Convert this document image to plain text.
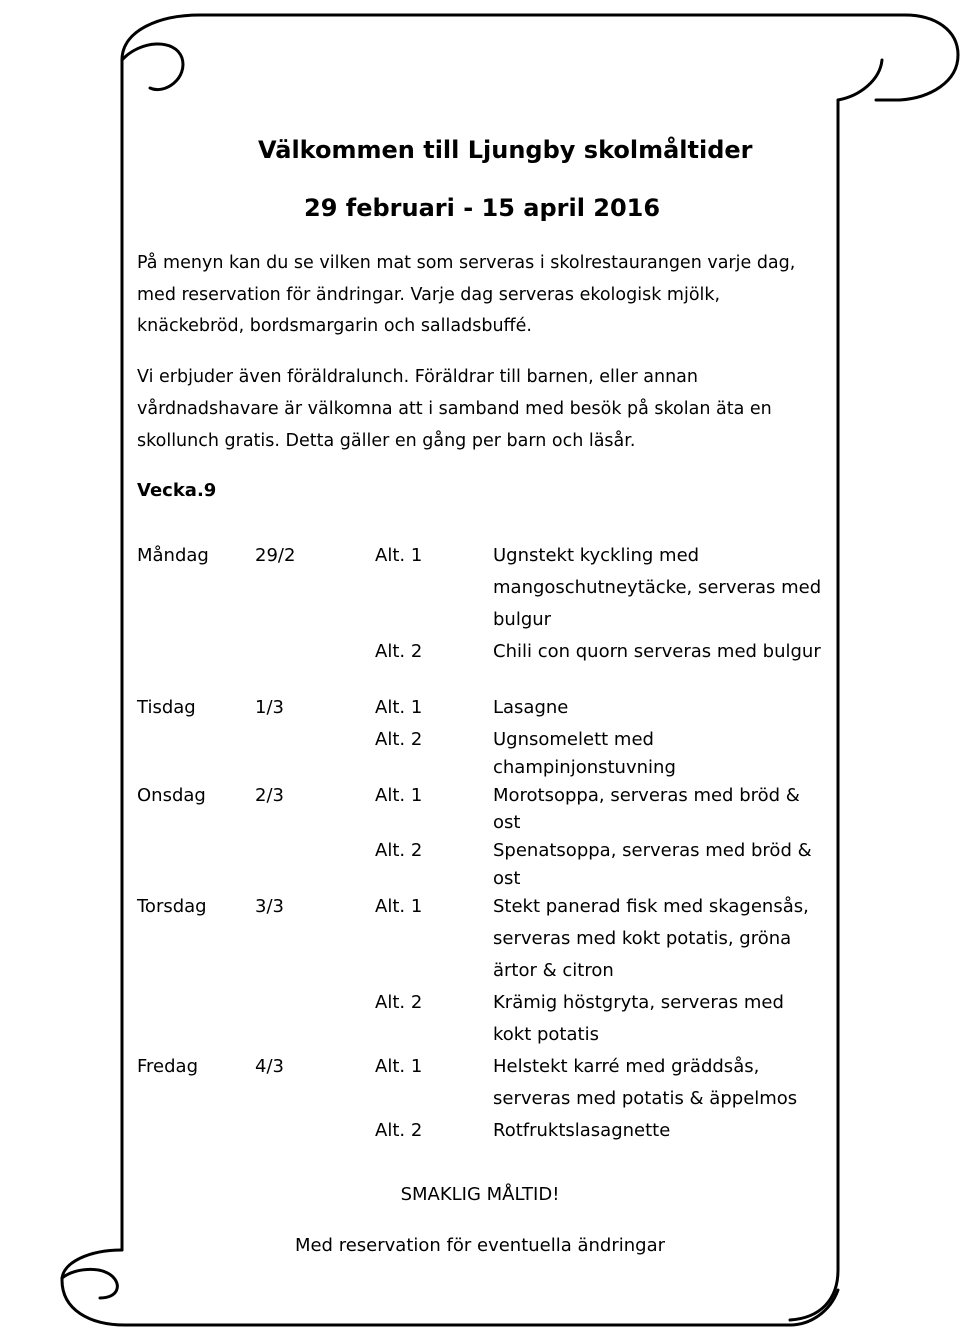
Välkommen till Ljungby skolmåltider
29 februari - 15 april 2016
På menyn kan du se vilken mat som serveras i skolrestaurangen varje dag,
med reservation för ändringar. Varje dag serveras ekologisk mjölk,
knäckebröd, bordsmargarin och salladsbuffé.
Vi erbjuder även föräldralunch. Föräldrar till barnen, eller annan
vårdnadshavare är välkomna att i samband med besök på skolan äta en
skollunch gratis. Detta gäller en gång per barn och läsår.
Vecka.9
Måndag	29/2	Alt. 1	Ugnstekt kyckling med
mangoschutneytäcke, serveras med
bulgur
Alt. 2	Chili con quorn serveras med bulgur
Tisdag	1/3	Alt. 1	Lasagne
Alt. 2	Ugnsomelett med
champinjonstuvning
Onsdag	2/3	Alt. 1	Morotsoppa, serveras med bröd &
ost
Alt. 2	Spenatsoppa, serveras med bröd &
ost
Torsdag	3/3	Alt. 1	Stekt panerad fisk med skagensås,
serveras med kokt potatis, gröna
ärtor & citron
Alt. 2	Krämig höstgryta, serveras med
kokt potatis
Fredag	4/3	Alt. 1	Helstekt karré med gräddsås,
serveras med potatis & äppelmos
Alt. 2	Rotfruktslasagnette
SMAKLIG MÅLTID!
Med reservation för eventuella ändringar
